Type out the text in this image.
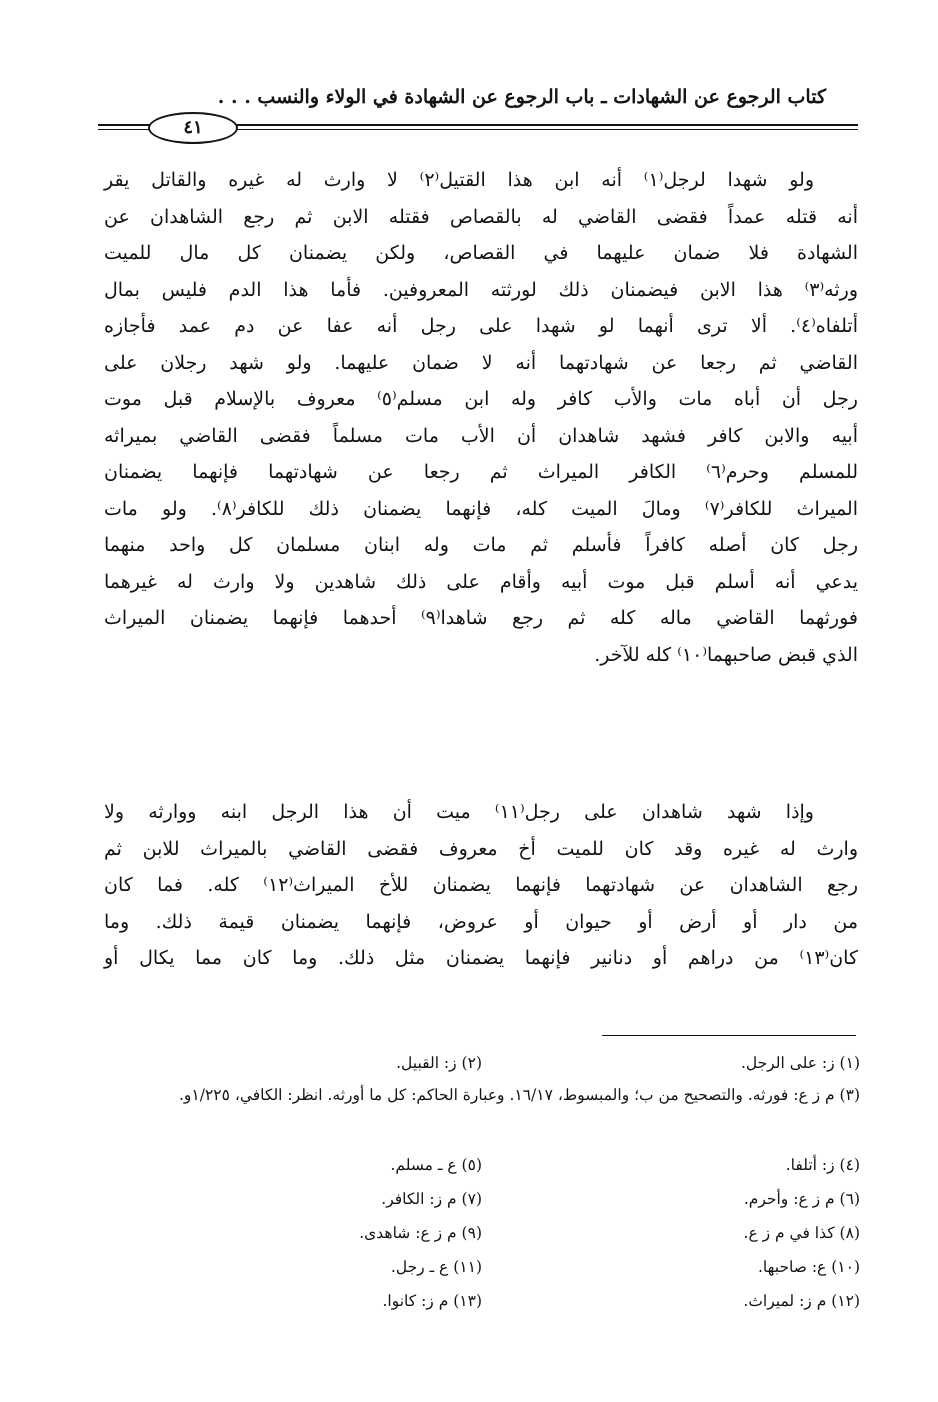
كتاب الرجوع عن الشهادات ـ باب الرجوع عن الشهادة في الولاء والنسب . . .
٤١
ولو شهدا لرجل⁽١⁾ أنه ابن هذا القتيل⁽٢⁾ لا وارث له غيره والقاتل يقر
أنه قتله عمداً فقضى القاضي له بالقصاص فقتله الابن ثم رجع الشاهدان عن
الشهادة فلا ضمان عليهما في القصاص، ولكن يضمنان كل مال للميت
ورثه⁽٣⁾ هذا الابن فيضمنان ذلك لورثته المعروفين. فأما هذا الدم فليس بمال
أتلفاه⁽٤⁾. ألا ترى أنهما لو شهدا على رجل أنه عفا عن دم عمد فأجازه
القاضي ثم رجعا عن شهادتهما أنه لا ضمان عليهما. ولو شهد رجلان على
رجل أن أباه مات والأب كافر وله ابن مسلم⁽٥⁾ معروف بالإسلام قبل موت
أبيه والابن كافر فشهد شاهدان أن الأب مات مسلماً فقضى القاضي بميراثه
للمسلم وحرم⁽٦⁾ الكافر الميراث ثم رجعا عن شهادتهما فإنهما يضمنان
الميراث للكافر⁽٧⁾ ومالَ الميت كله، فإنهما يضمنان ذلك للكافر⁽٨⁾. ولو مات
رجل كان أصله كافراً فأسلم ثم مات وله ابنان مسلمان كل واحد منهما
يدعي أنه أسلم قبل موت أبيه وأقام على ذلك شاهدين ولا وارث له غيرهما
فورثهما القاضي ماله كله ثم رجع شاهدا⁽٩⁾ أحدهما فإنهما يضمنان الميراث
الذي قبض صاحبهما⁽١٠⁾ كله للآخر.
وإذا شهد شاهدان على رجل⁽١١⁾ ميت أن هذا الرجل ابنه ووارثه ولا
وارث له غيره وقد كان للميت أخ معروف فقضى القاضي بالميراث للابن ثم
رجع الشاهدان عن شهادتهما فإنهما يضمنان للأخ الميراث⁽١٢⁾ كله. فما كان
من دار أو أرض أو حيوان أو عروض، فإنهما يضمنان قيمة ذلك. وما
كان⁽١٣⁾ من دراهم أو دنانير فإنهما يضمنان مثل ذلك. وما كان مما يكال أو
(١) ز: على الرجل.
(٢) ز: القبيل.
(٣) م ز ع: فورثه. والتصحيح من ب؛ والمبسوط، ١٦/١٧. وعبارة الحاكم: كل ما أورثه. انظر: الكافي، ١/٢٢٥و.
(٤) ز: أتلفا.
(٥) ع ـ مسلم.
(٦) م ز ع: وأحرم.
(٧) م ز: الكافر.
(٨) كذا في م ز ع.
(٩) م ز ع: شاهدى.
(١٠) ع: صاحبها.
(١١) ع ـ رجل.
(١٢) م ز: لميراث.
(١٣) م ز: كانوا.
